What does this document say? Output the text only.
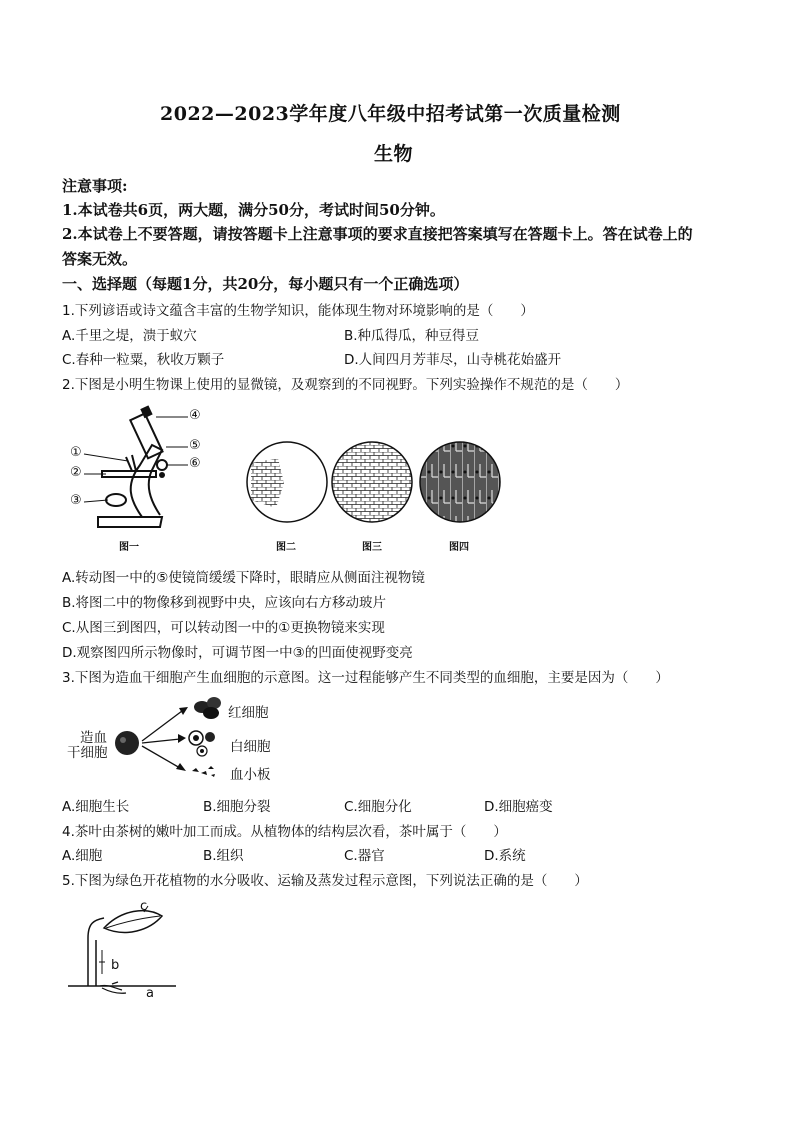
2022—2023学年度八年级中招考试第一次质量检测
生物
注意事项:
1.本试卷共6页，两大题，满分50分，考试时间50分钟。
2.本试卷上不要答题，请按答题卡上注意事项的要求直接把答案填写在答题卡上。答在试卷上的
答案无效。
一、选择题（每题1分，共20分，每小题只有一个正确选项）
1.下列谚语或诗文蕴含丰富的生物学知识，能体现生物对环境影响的是（　　）
A.千里之堤，溃于蚁穴	B.种瓜得瓜，种豆得豆
C.春种一粒粟，秋收万颗子	D.人间四月芳菲尽，山寺桃花始盛开
2.下图是小明生物课上使用的显微镜，及观察到的不同视野。下列实验操作不规范的是（　　）
①
②
③
④
⑤
⑥
图一	图二	图三	图四
A.转动图一中的⑤使镜筒缓缓下降时，眼睛应从侧面注视物镜
B.将图二中的物像移到视野中央，应该向右方移动玻片
C.从图三到图四，可以转动图一中的①更换物镜来实现
D.观察图四所示物像时，可调节图一中③的凹面使视野变亮
3.下图为造血干细胞产生血细胞的示意图。这一过程能够产生不同类型的血细胞，主要是因为（　　）
造血
干细胞
红细胞
白细胞
血小板
A.细胞生长	B.细胞分裂	C.细胞分化	D.细胞癌变
4.茶叶由茶树的嫩叶加工而成。从植物体的结构层次看，茶叶属于（　　）
A.细胞	B.组织	C.器官	D.系统
5.下图为绿色开花植物的水分吸收、运输及蒸发过程示意图，下列说法正确的是（　　）
c
b
a
